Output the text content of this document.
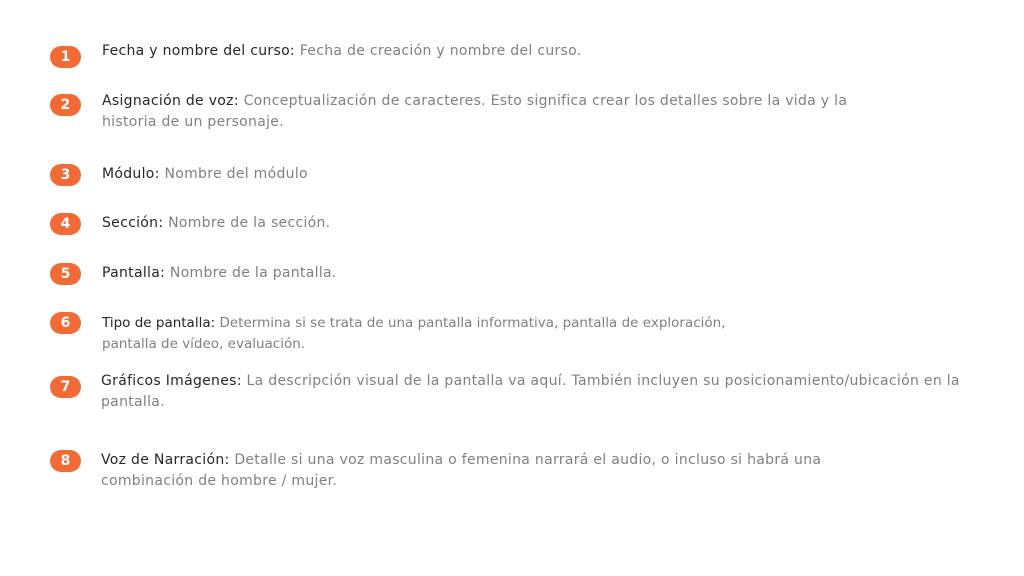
1	Fecha y nombre del curso: Fecha de creación y nombre del curso.
2	Asignación de voz: Conceptualización de caracteres. Esto significa crear los detalles sobre la vida y la historia de un personaje.
3	Módulo: Nombre del módulo
4	Sección: Nombre de la sección.
5	Pantalla: Nombre de la pantalla.
6	Tipo de pantalla: Determina si se trata de una pantalla informativa, pantalla de exploración, pantalla de vídeo, evaluación.
7	Gráficos Imágenes: La descripción visual de la pantalla va aquí. También incluyen su posicionamiento/ubicación en la pantalla.
8	Voz de Narración: Detalle si una voz masculina o femenina narrará el audio, o incluso si habrá una combinación de hombre / mujer.
